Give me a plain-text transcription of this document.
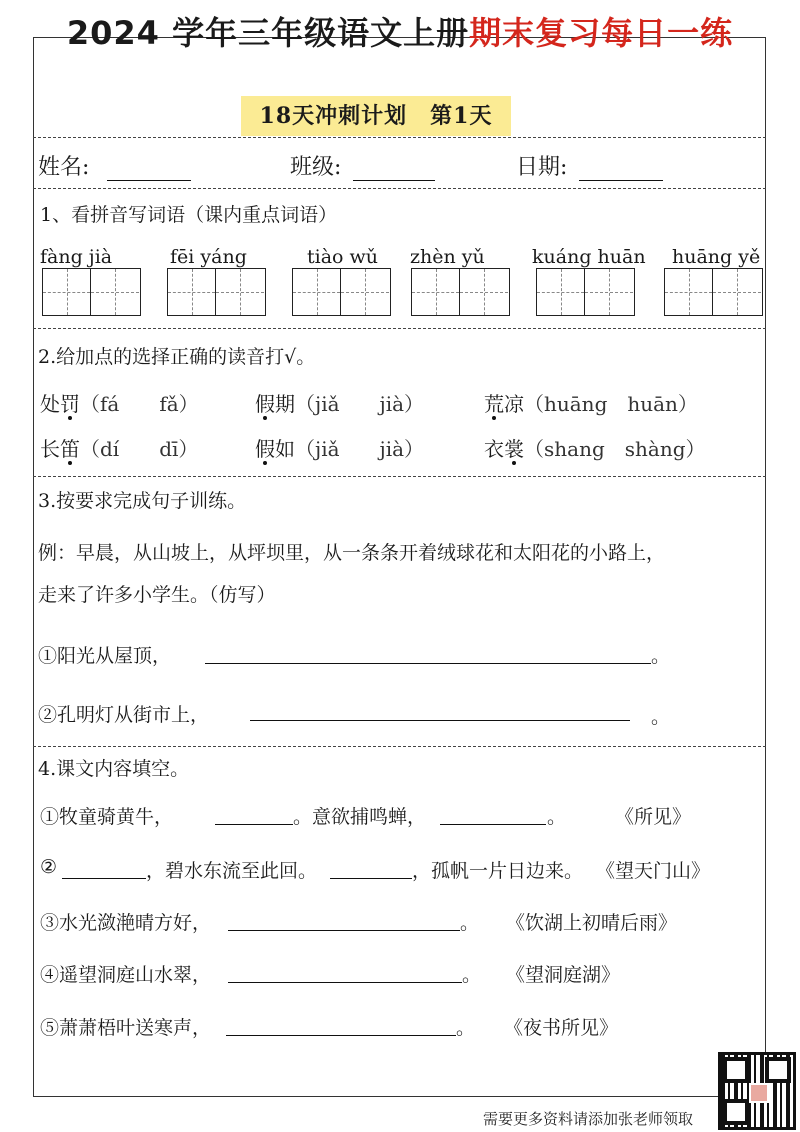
2024 学年三年级语文上册期末复习每日一练
18天冲刺计划　第1天
姓名:	班级:	日期:
1、看拼音写词语（课内重点词语）
fàng jià	fēi yáng	tiào wǔ zhèn yǔ kuáng huān huāng yě
2.给加点的选择正确的读音打√。
处罚（fá　　fǎ）	假期（jiǎ　　jià）	荒凉（huāng　huān）
长笛（dí　　dī）	假如（jiǎ　　jià）	衣裳（shang　shàng）
3.按要求完成句子训练。
例：早晨，从山坡上，从坪坝里，从一条条开着绒球花和太阳花的小路上，
走来了许多小学生。（仿写）
①阳光从屋顶，	。
②孔明灯从街市上，	。
4.课文内容填空。
①牧童骑黄牛，	。意欲捕鸣蝉，	。	《所见》
②	，碧水东流至此回。	，孤帆一片日边来。 《望天门山》
③水光潋滟晴方好，	。 《饮湖上初晴后雨》
④遥望洞庭山水翠，	。 《望洞庭湖》
⑤萧萧梧叶送寒声，	。 《夜书所见》
需要更多资料请添加张老师领取
